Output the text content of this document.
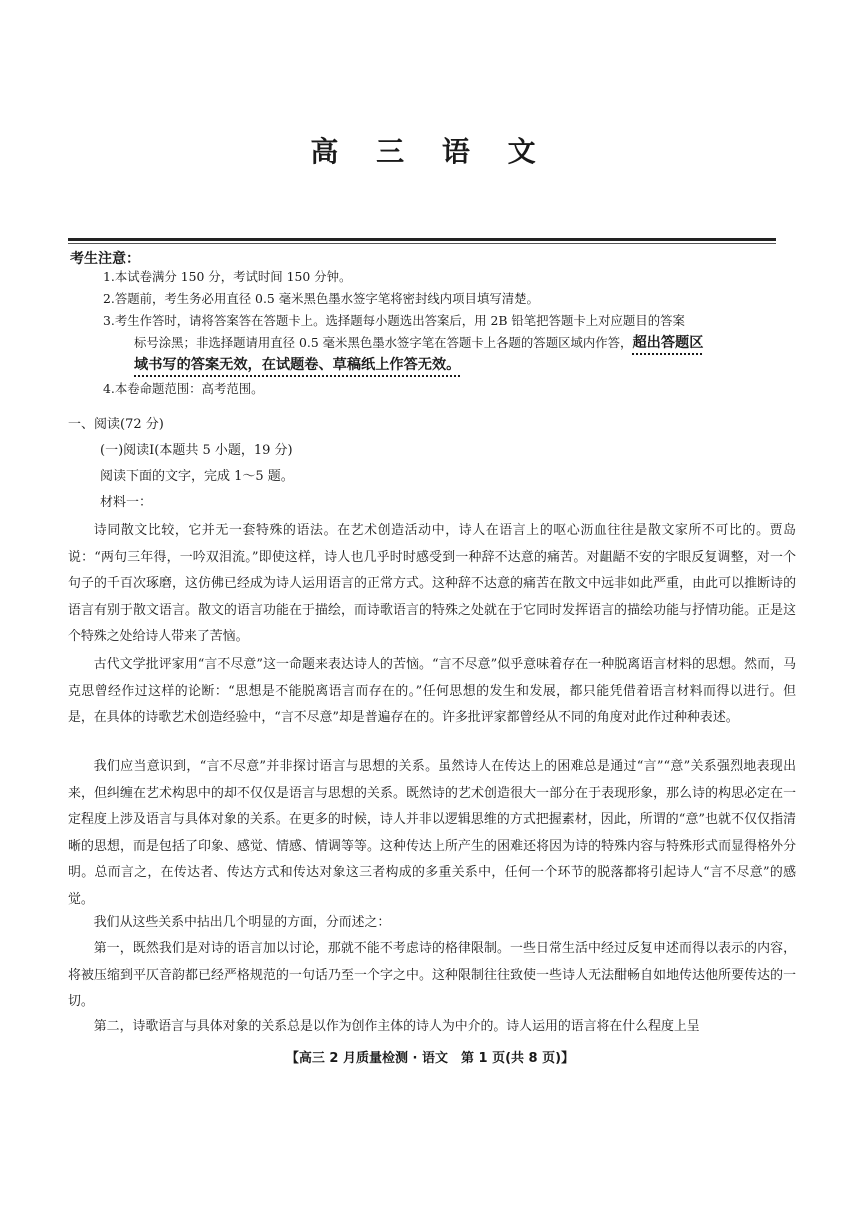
高 三 语 文
考生注意：
1.本试卷满分 150 分，考试时间 150 分钟。
2.答题前，考生务必用直径 0.5 毫米黑色墨水签字笔将密封线内项目填写清楚。
3.考生作答时，请将答案答在答题卡上。选择题每小题选出答案后，用 2B 铅笔把答题卡上对应题目的答案
标号涂黑；非选择题请用直径 0.5 毫米黑色墨水签字笔在答题卡上各题的答题区域内作答，超出答题区
域书写的答案无效，在试题卷、草稿纸上作答无效。
4.本卷命题范围：高考范围。
一、阅读(72 分)
(一)阅读Ⅰ(本题共 5 小题，19 分)
阅读下面的文字，完成 1～5 题。
材料一：
诗同散文比较，它并无一套特殊的语法。在艺术创造活动中，诗人在语言上的呕心沥血往往是散文家所不可比的。贾岛说：“两句三年得，一吟双泪流。”即使这样，诗人也几乎时时感受到一种辞不达意的痛苦。对龃龉不安的字眼反复调整，对一个句子的千百次琢磨，这仿佛已经成为诗人运用语言的正常方式。这种辞不达意的痛苦在散文中远非如此严重，由此可以推断诗的语言有别于散文语言。散文的语言功能在于描绘，而诗歌语言的特殊之处就在于它同时发挥语言的描绘功能与抒情功能。正是这个特殊之处给诗人带来了苦恼。
古代文学批评家用“言不尽意”这一命题来表达诗人的苦恼。“言不尽意”似乎意味着存在一种脱离语言材料的思想。然而，马克思曾经作过这样的论断：“思想是不能脱离语言而存在的。”任何思想的发生和发展，都只能凭借着语言材料而得以进行。但是，在具体的诗歌艺术创造经验中，“言不尽意”却是普遍存在的。许多批评家都曾经从不同的角度对此作过种种表述。
我们应当意识到，“言不尽意”并非探讨语言与思想的关系。虽然诗人在传达上的困难总是通过“言”“意”关系强烈地表现出来，但纠缠在艺术构思中的却不仅仅是语言与思想的关系。既然诗的艺术创造很大一部分在于表现形象，那么诗的构思必定在一定程度上涉及语言与具体对象的关系。在更多的时候，诗人并非以逻辑思维的方式把握素材，因此，所谓的“意”也就不仅仅指清晰的思想，而是包括了印象、感觉、情感、情调等等。这种传达上所产生的困难还将因为诗的特殊内容与特殊形式而显得格外分明。总而言之，在传达者、传达方式和传达对象这三者构成的多重关系中，任何一个环节的脱落都将引起诗人“言不尽意”的感觉。
我们从这些关系中拈出几个明显的方面，分而述之：
第一，既然我们是对诗的语言加以讨论，那就不能不考虑诗的格律限制。一些日常生活中经过反复申述而得以表示的内容，将被压缩到平仄音韵都已经严格规范的一句话乃至一个字之中。这种限制往往致使一些诗人无法酣畅自如地传达他所要传达的一切。
第二，诗歌语言与具体对象的关系总是以作为创作主体的诗人为中介的。诗人运用的语言将在什么程度上呈
【高三 2 月质量检测 · 语文　第 1 页(共 8 页)】
